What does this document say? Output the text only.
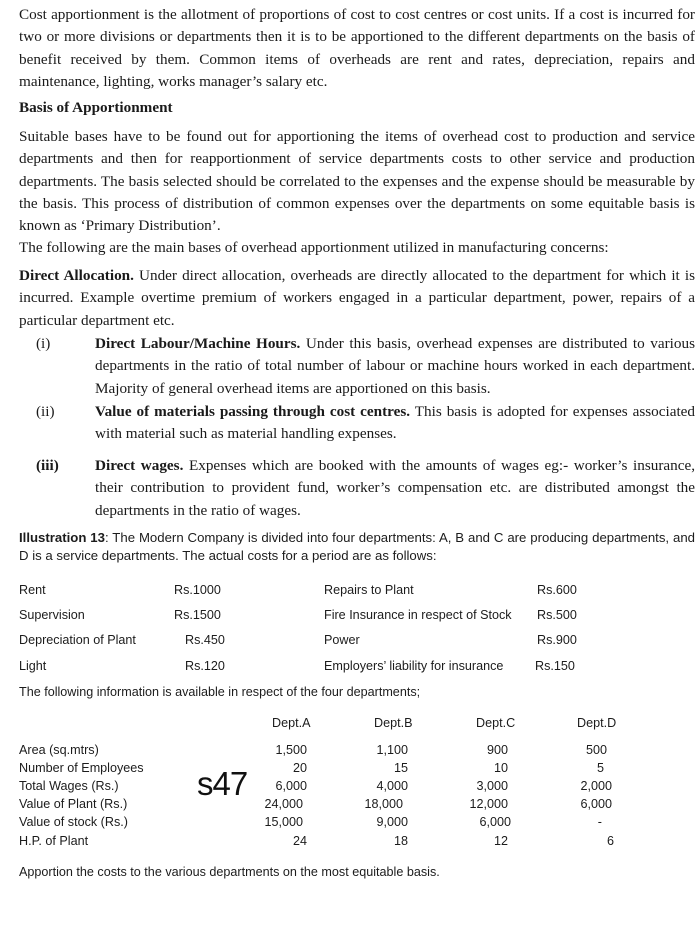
Cost apportionment is the allotment of proportions of cost to cost centres or cost units. If a cost is incurred for two or more divisions or departments then it is to be apportioned to the different departments on the basis of benefit received by them. Common items of overheads are rent and rates, depreciation, repairs and maintenance, lighting, works manager’s salary etc.
Basis of Apportionment
Suitable bases have to be found out for apportioning the items of overhead cost to production and service departments and then for reapportionment of service departments costs to other service and production departments. The basis selected should be correlated to the expenses and the expense should be measurable by the basis. This process of distribution of common expenses over the departments on some equitable basis is known as ‘Primary Distribution’.
The following are the main bases of overhead apportionment utilized in manufacturing concerns:
Direct Allocation. Under direct allocation, overheads are directly allocated to the department for which it is incurred. Example overtime premium of workers engaged in a particular department, power, repairs of a particular department etc.
(i)	Direct Labour/Machine Hours. Under this basis, overhead expenses are distributed to various departments in the ratio of total number of labour or machine hours worked in each department. Majority of general overhead items are apportioned on this basis.
(ii)	Value of materials passing through cost centres. This basis is adopted for expenses associated with material such as material handling expenses.
(iii) Direct wages. Expenses which are booked with the amounts of wages eg:- worker’s insurance, their contribution to provident fund, worker’s compensation etc. are distributed amongst the departments in the ratio of wages.
Illustration 13: The Modern Company is divided into four departments: A, B and C are producing departments, and D is a service departments. The actual costs for a period are as follows:
Rent	Rs.1000	Repairs to Plant	Rs.600
Supervision	Rs.1500	Fire Insurance in respect of Stock Rs.500
Depreciation of Plant	Rs.450	Power	Rs.900
Light	Rs.120	Employers’ liability for insurance	Rs.150
The following information is available in respect of the four departments;
Dept.A	Dept.B	Dept.C	Dept.D
Area (sq.mtrs)	1,500	1,100	900	500
Number of Employees	20	15	10	5
Total Wages (Rs.)	6,000	4,000	3,000	2,000
Value of Plant (Rs.)	24,000	18,000	12,000	6,000
Value of stock (Rs.)	15,000	9,000	6,000	-
H.P. of Plant	24	18	12	6
s47
Apportion the costs to the various departments on the most equitable basis.
